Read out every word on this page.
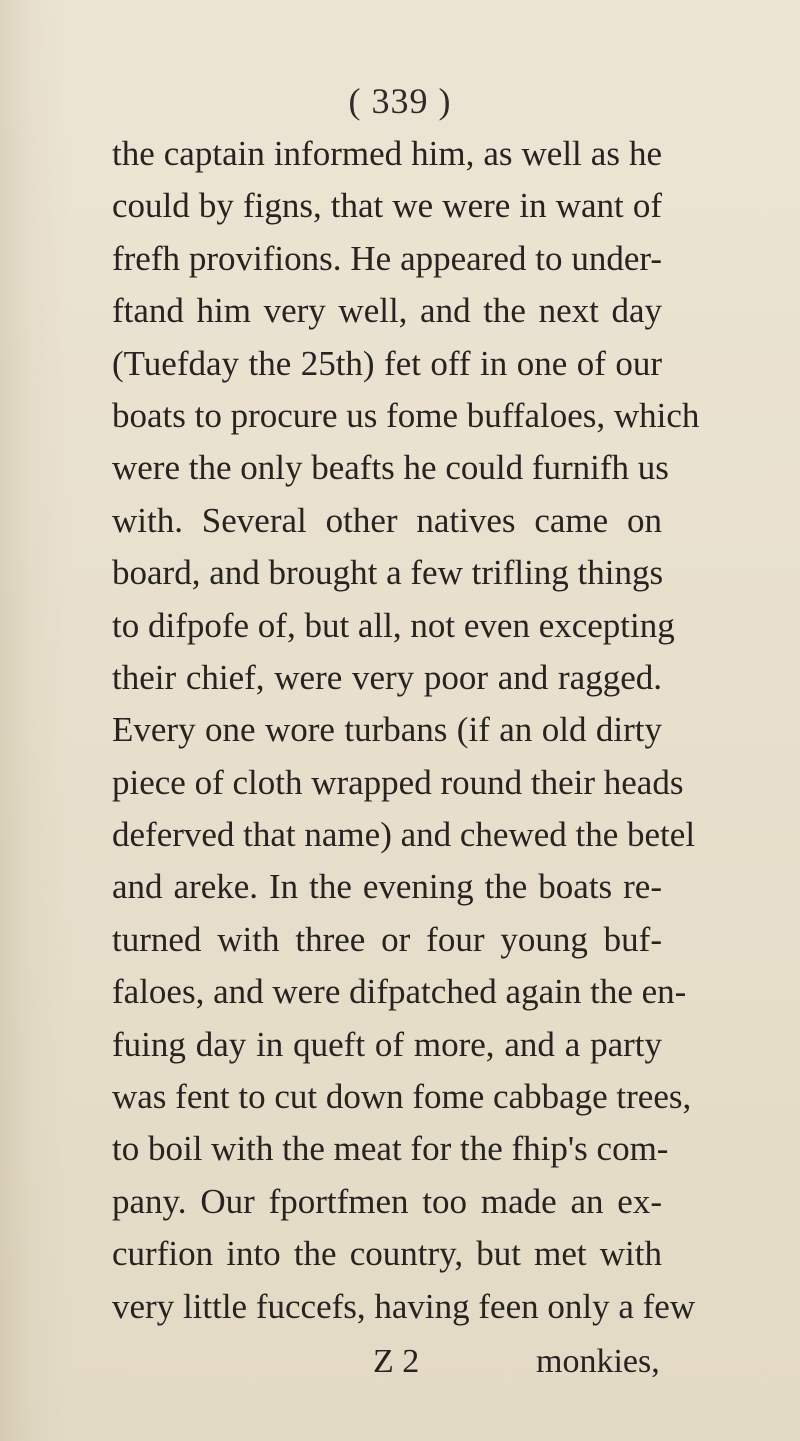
( 339 )
the captain informed him, as well as he
could by figns, that we were in want of
frefh provifions. He appeared to under-
ftand him very well, and the next day
(Tuefday the 25th) fet off in one of our
boats to procure us fome buffaloes, which
were the only beafts he could furnifh us
with. Several other natives came on
board, and brought a few trifling things
to difpofe of, but all, not even excepting
their chief, were very poor and ragged.
Every one wore turbans (if an old dirty
piece of cloth wrapped round their heads
deferved that name) and chewed the betel
and areke. In the evening the boats re-
turned with three or four young buf-
faloes, and were difpatched again the en-
fuing day in queft of more, and a party
was fent to cut down fome cabbage trees,
to boil with the meat for the fhip's com-
pany. Our fportfmen too made an ex-
curfion into the country, but met with
very little fuccefs, having feen only a few
Z 2	monkies,
